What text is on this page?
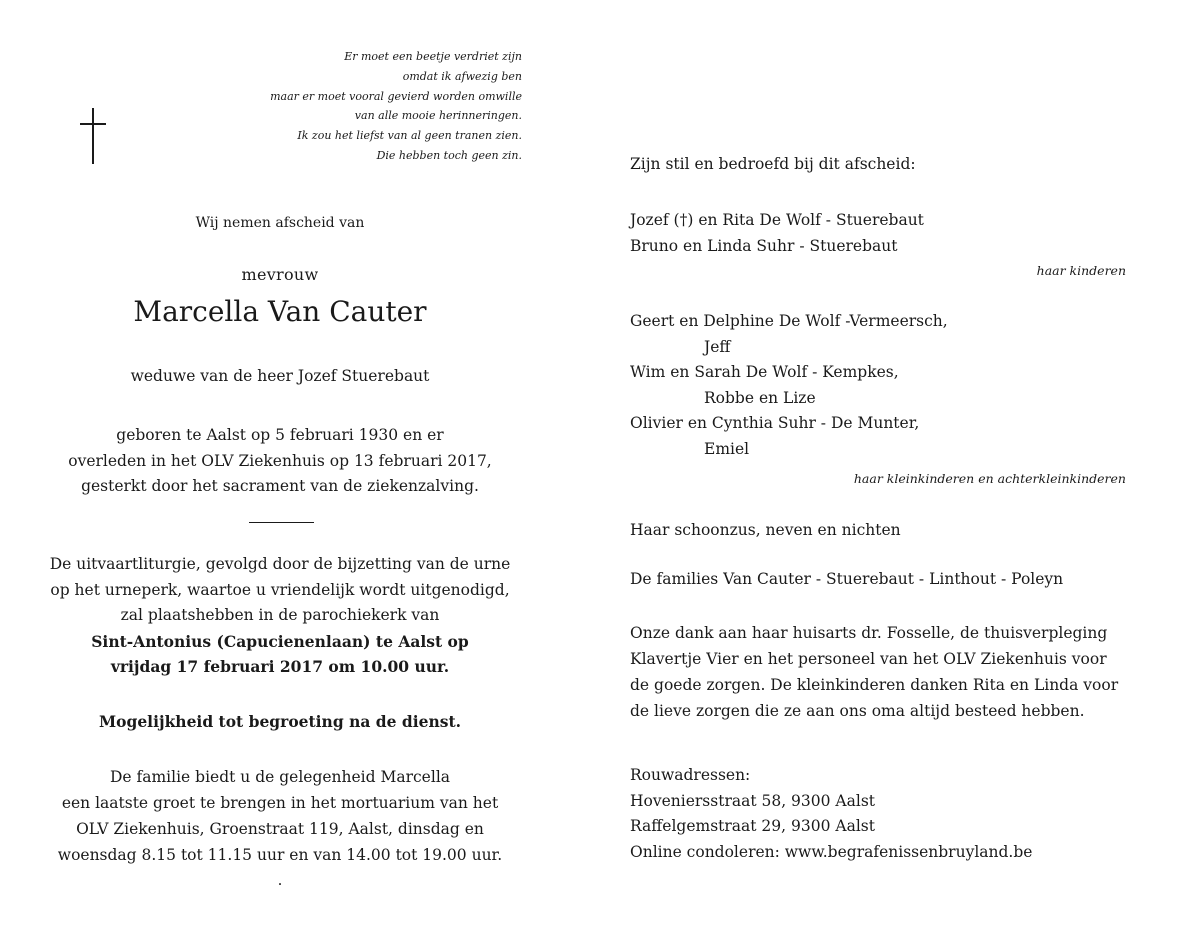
Er moet een beetje verdriet zijn
omdat ik afwezig ben
maar er moet vooral gevierd worden omwille
van alle mooie herinneringen.
Ik zou het liefst van al geen tranen zien.
Die hebben toch geen zin.
Wij nemen afscheid van
mevrouw
Marcella Van Cauter
weduwe van de heer Jozef Stuerebaut
geboren te Aalst op 5 februari 1930 en er
overleden in het OLV Ziekenhuis op 13 februari 2017,
gesterkt door het sacrament van de ziekenzalving.
De uitvaartliturgie, gevolgd door de bijzetting van de urne
op het urneperk, waartoe u vriendelijk wordt uitgenodigd,
zal plaatshebben in de parochiekerk van
Sint-Antonius (Capucienenlaan) te Aalst op
vrijdag 17 februari 2017 om 10.00 uur.
Mogelijkheid tot begroeting na de dienst.
De familie biedt u de gelegenheid Marcella
een laatste groet te brengen in het mortuarium van het
OLV Ziekenhuis, Groenstraat 119, Aalst, dinsdag en
woensdag 8.15 tot 11.15 uur en van 14.00 tot 19.00 uur.
.
Zijn stil en bedroefd bij dit afscheid:
Jozef (†) en Rita De Wolf - Stuerebaut
Bruno en Linda Suhr - Stuerebaut
haar kinderen
Geert en Delphine De Wolf -Vermeersch,
Jeff
Wim en Sarah De Wolf - Kempkes,
Robbe en Lize
Olivier en Cynthia Suhr - De Munter,
Emiel
haar kleinkinderen en achterkleinkinderen
Haar schoonzus, neven en nichten
De families Van Cauter - Stuerebaut - Linthout - Poleyn
Onze dank aan haar huisarts dr. Fosselle, de thuisverpleging
Klavertje Vier en het personeel van het OLV Ziekenhuis voor
de goede zorgen. De kleinkinderen danken Rita en Linda voor
de lieve zorgen die ze aan ons oma altijd besteed hebben.
Rouwadressen:
Hoveniersstraat 58, 9300 Aalst
Raffelgemstraat 29, 9300 Aalst
Online condoleren: www.begrafenissenbruyland.be
